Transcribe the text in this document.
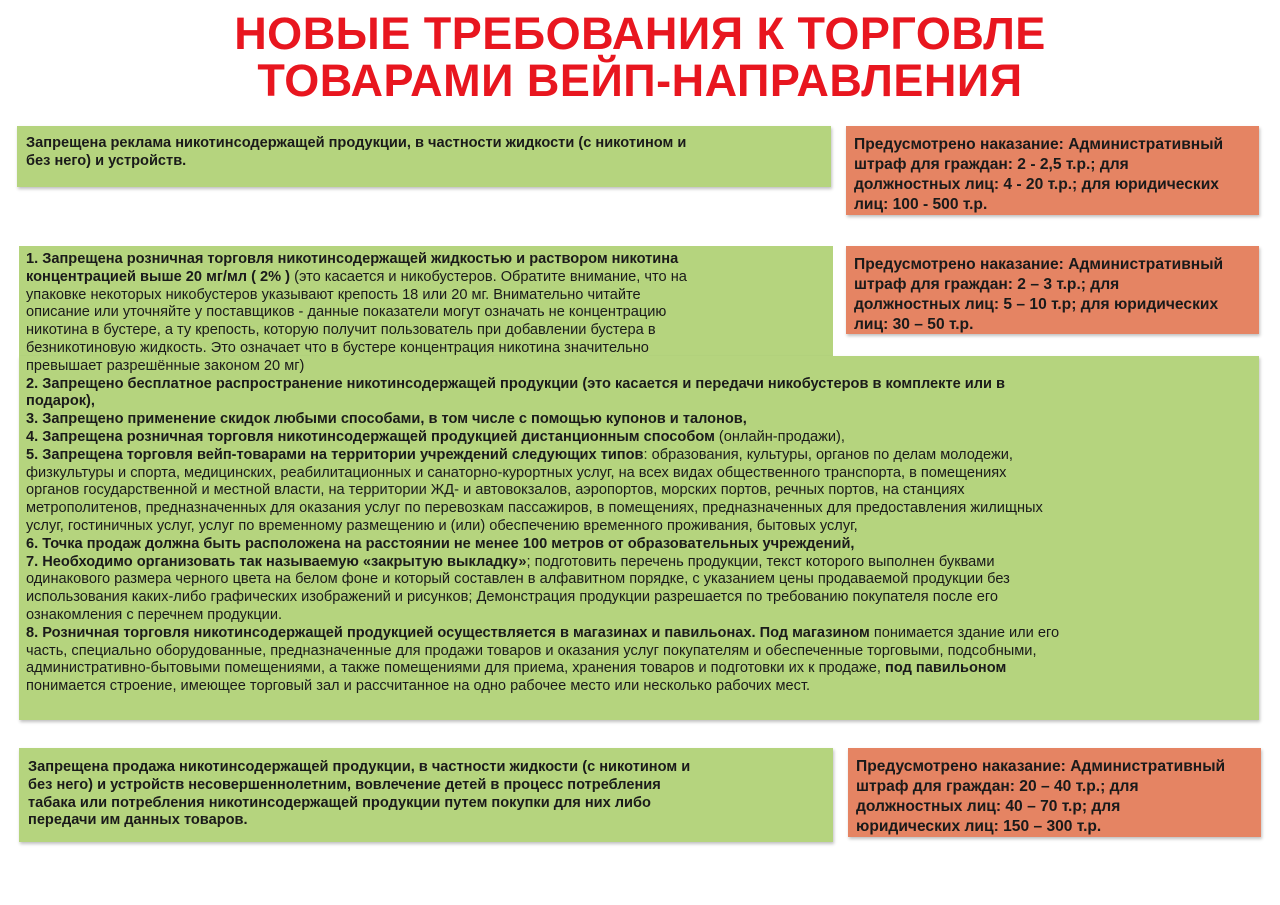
НОВЫЕ ТРЕБОВАНИЯ К ТОРГОВЛЕ
ТОВАРАМИ ВЕЙП-НАПРАВЛЕНИЯ
Запрещена реклама никотинсодержащей продукции, в частности жидкости (с никотином и
без него) и устройств.
Предусмотрено наказание: Административный
штраф для граждан: 2 - 2,5 т.р.; для
должностных лиц: 4 - 20 т.р.; для юридических
лиц: 100 - 500 т.р.
Предусмотрено наказание: Административный
штраф для граждан: 2 – 3 т.р.; для
должностных лиц: 5 – 10 т.р; для юридических
лиц: 30 – 50 т.р.
1. Запрещена розничная торговля никотинсодержащей жидкостью и раствором никотина
концентрацией выше 20 мг/мл ( 2% ) (это касается и никобустеров. Обратите внимание, что на
упаковке некоторых никобустеров указывают крепость 18 или 20 мг. Внимательно читайте
описание или уточняйте у поставщиков - данные показатели могут означать не концентрацию
никотина в бустере, а ту крепость, которую получит пользователь при добавлении бустера в
безникотиновую жидкость. Это означает что в бустере концентрация никотина значительно
превышает разрешённые законом 20 мг)
2. Запрещено бесплатное распространение никотинсодержащей продукции (это касается и передачи никобустеров в комплекте или в
подарок),
3. Запрещено применение скидок любыми способами, в том числе с помощью купонов и талонов,
4. Запрещена розничная торговля никотинсодержащей продукцией дистанционным способом (онлайн-продажи),
5. Запрещена торговля вейп-товарами на территории учреждений следующих типов: образования, культуры, органов по делам молодежи,
физкультуры и спорта, медицинских, реабилитационных и санаторно-курортных услуг, на всех видах общественного транспорта, в помещениях
органов государственной и местной власти, на территории ЖД- и автовокзалов, аэропортов, морских портов, речных портов, на станциях
метрополитенов, предназначенных для оказания услуг по перевозкам пассажиров, в помещениях, предназначенных для предоставления жилищных
услуг, гостиничных услуг, услуг по временному размещению и (или) обеспечению временного проживания, бытовых услуг,
6. Точка продаж должна быть расположена на расстоянии не менее 100 метров от образовательных учреждений,
7. Необходимо организовать так называемую «закрытую выкладку»; подготовить перечень продукции, текст которого выполнен буквами
одинакового размера черного цвета на белом фоне и который составлен в алфавитном порядке, с указанием цены продаваемой продукции без
использования каких-либо графических изображений и рисунков; Демонстрация продукции разрешается по требованию покупателя после его
ознакомления с перечнем продукции.
8. Розничная торговля никотинсодержащей продукцией осуществляется в магазинах и павильонах. Под магазином понимается здание или его
часть, специально оборудованные, предназначенные для продажи товаров и оказания услуг покупателям и обеспеченные торговыми, подсобными,
административно-бытовыми помещениями, а также помещениями для приема, хранения товаров и подготовки их к продаже, под павильоном
понимается строение, имеющее торговый зал и рассчитанное на одно рабочее место или несколько рабочих мест.
Запрещена продажа никотинсодержащей продукции, в частности жидкости (с никотином и
без него) и устройств несовершеннолетним, вовлечение детей в процесс потребления
табака или потребления никотинсодержащей продукции путем покупки для них либо
передачи им данных товаров.
Предусмотрено наказание: Административный
штраф для граждан: 20 – 40 т.р.; для
должностных лиц: 40 – 70 т.р; для
юридических лиц: 150 – 300 т.р.
